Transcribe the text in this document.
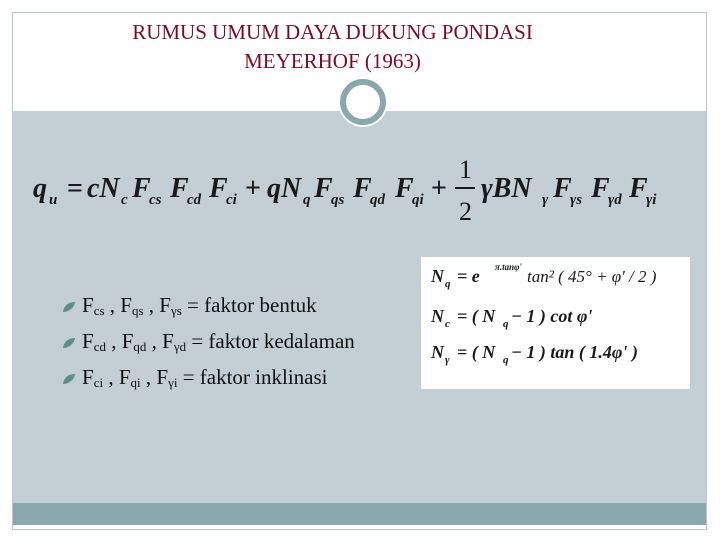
RUMUS UMUM DAYA DUKUNG PONDASI
MEYERHOF (1963)
q u = cN c F
cs F
cd F
ci + qN q F
qs F
qd F
qi +
1
2
γBN γ F
γs F
γd F
γi
N q = e π.tanφ' tan² ( 45° + φ' / 2 )
N c = ( N q − 1 ) cot φ'
N γ = ( N q − 1 ) tan ( 1.4φ' )
$F_{cs}$ , $F_{qs}$ , $F_{\gamma s}$ = faktor bentuk
$F_{cd}$ , $F_{qd}$ , $F_{\gamma d}$ = faktor kedalaman
$F_{ci}$ , $F_{qi}$ , $F_{\gamma i}$ = faktor inklinasi
